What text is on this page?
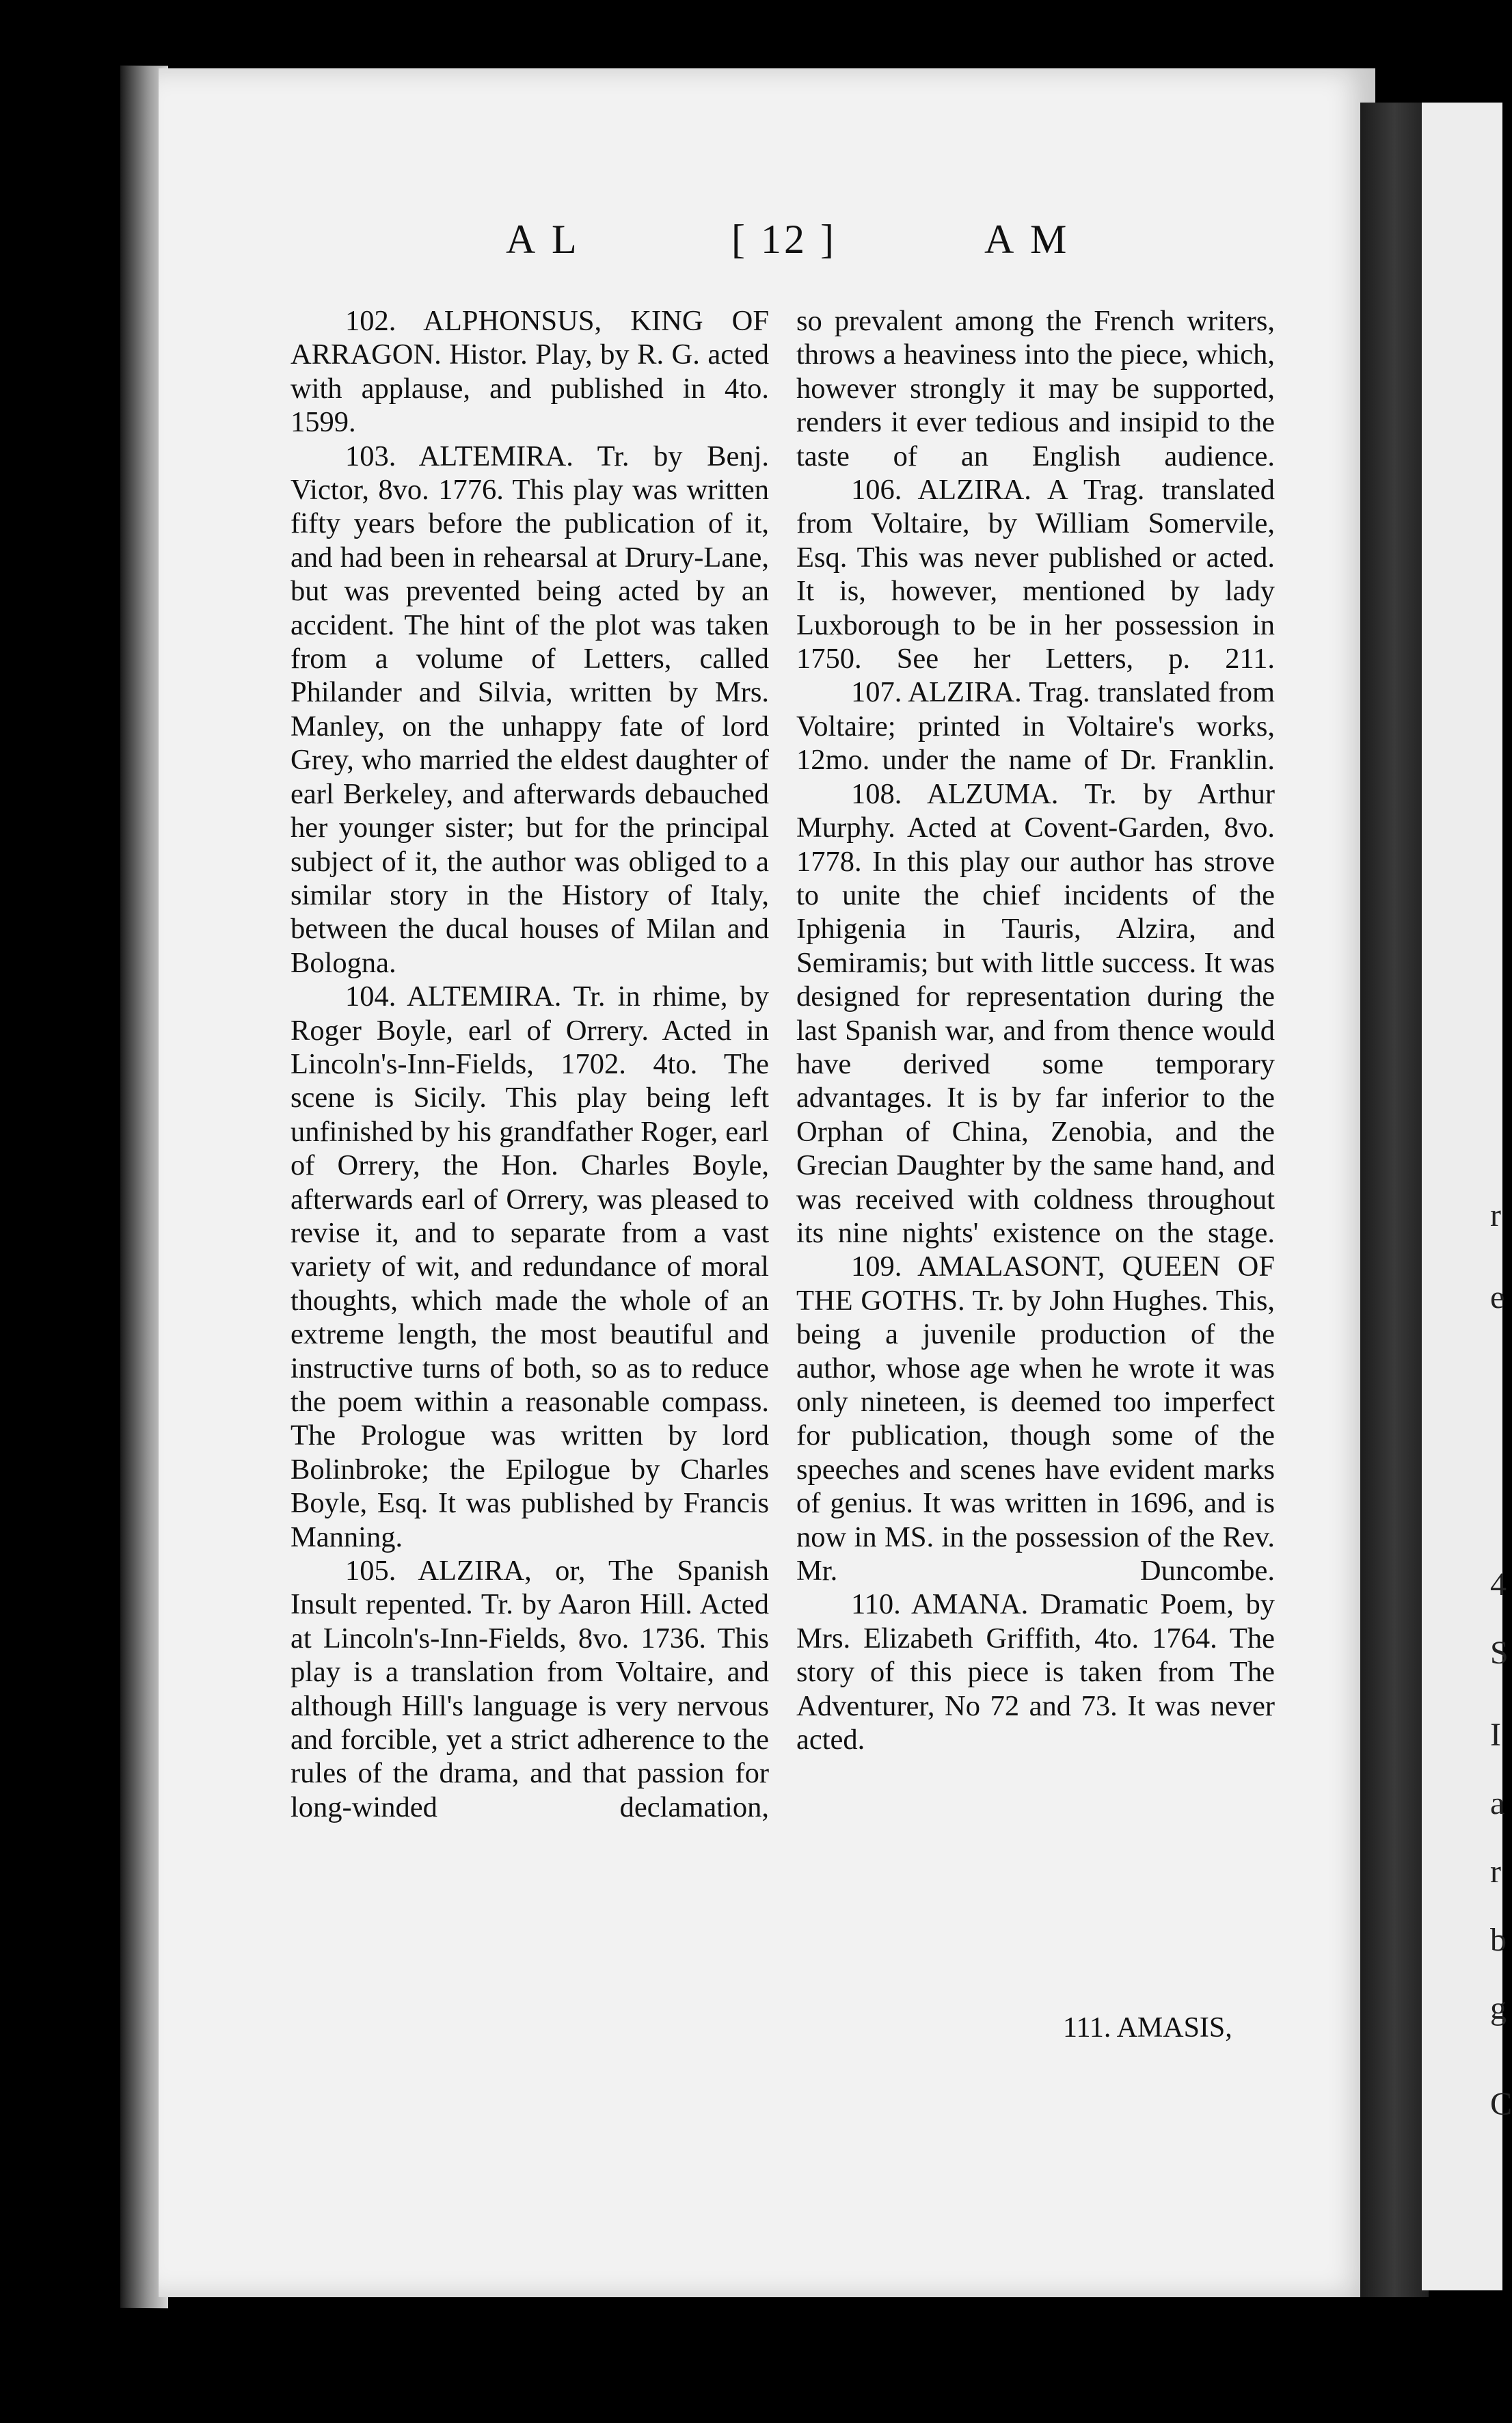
r
e
4
S
I
a
r
b
g
C
A L	[ 12 ]	A M

102. ALPHONSUS, KING OF ARRAGON. Histor. Play, by R. G. acted with applause, and published in 4to. 1599.

103. ALTEMIRA. Tr. by Benj. Victor, 8vo. 1776. This play was written fifty years before the publication of it, and had been in rehearsal at Drury-Lane, but was prevented being acted by an accident. The hint of the plot was taken from a volume of Letters, called Philander and Silvia, written by Mrs. Manley, on the unhappy fate of lord Grey, who married the eldest daughter of earl Berkeley, and afterwards debauched her younger sister; but for the principal subject of it, the author was obliged to a similar story in the History of Italy, between the ducal houses of Milan and Bologna.

104. ALTEMIRA. Tr. in rhime, by Roger Boyle, earl of Orrery. Acted in Lincoln's-Inn-Fields, 1702. 4to. The scene is Sicily. This play being left unfinished by his grandfather Roger, earl of Orrery, the Hon. Charles Boyle, afterwards earl of Orrery, was pleased to revise it, and to separate from a vast variety of wit, and redundance of moral thoughts, which made the whole of an extreme length, the most beautiful and instructive turns of both, so as to reduce the poem within a reasonable compass. The Prologue was written by lord Bolinbroke; the Epilogue by Charles Boyle, Esq. It was published by Francis Manning.

105. ALZIRA, or, The Spanish Insult repented. Tr. by Aaron Hill. Acted at Lincoln's-Inn-Fields, 8vo. 1736. This play is a translation from Voltaire, and although Hill's language is very nervous and forcible, yet a strict adherence to the rules of the drama, and that passion for long-winded declamation,

so prevalent among the French writers, throws a heaviness into the piece, which, however strongly it may be supported, renders it ever tedious and insipid to the taste of an English audience.

106. ALZIRA. A Trag. translated from Voltaire, by William Somervile, Esq. This was never published or acted. It is, however, mentioned by lady Luxborough to be in her possession in 1750. See her Letters, p. 211.

107. ALZIRA. Trag. translated from Voltaire; printed in Voltaire's works, 12mo. under the name of Dr. Franklin.

108. ALZUMA. Tr. by Arthur Murphy. Acted at Covent-Garden, 8vo. 1778. In this play our author has strove to unite the chief incidents of the Iphigenia in Tauris, Alzira, and Semiramis; but with little success. It was designed for representation during the last Spanish war, and from thence would have derived some temporary advantages. It is by far inferior to the Orphan of China, Zenobia, and the Grecian Daughter by the same hand, and was received with coldness throughout its nine nights' existence on the stage.

109. AMALASONT, QUEEN OF THE GOTHS. Tr. by John Hughes. This, being a juvenile production of the author, whose age when he wrote it was only nineteen, is deemed too imperfect for publication, though some of the speeches and scenes have evident marks of genius. It was written in 1696, and is now in MS. in the possession of the Rev. Mr. Duncombe.

110. AMANA. Dramatic Poem, by Mrs. Elizabeth Griffith, 4to. 1764. The story of this piece is taken from The Adventurer, No 72 and 73. It was never acted.

111. AMASIS,
